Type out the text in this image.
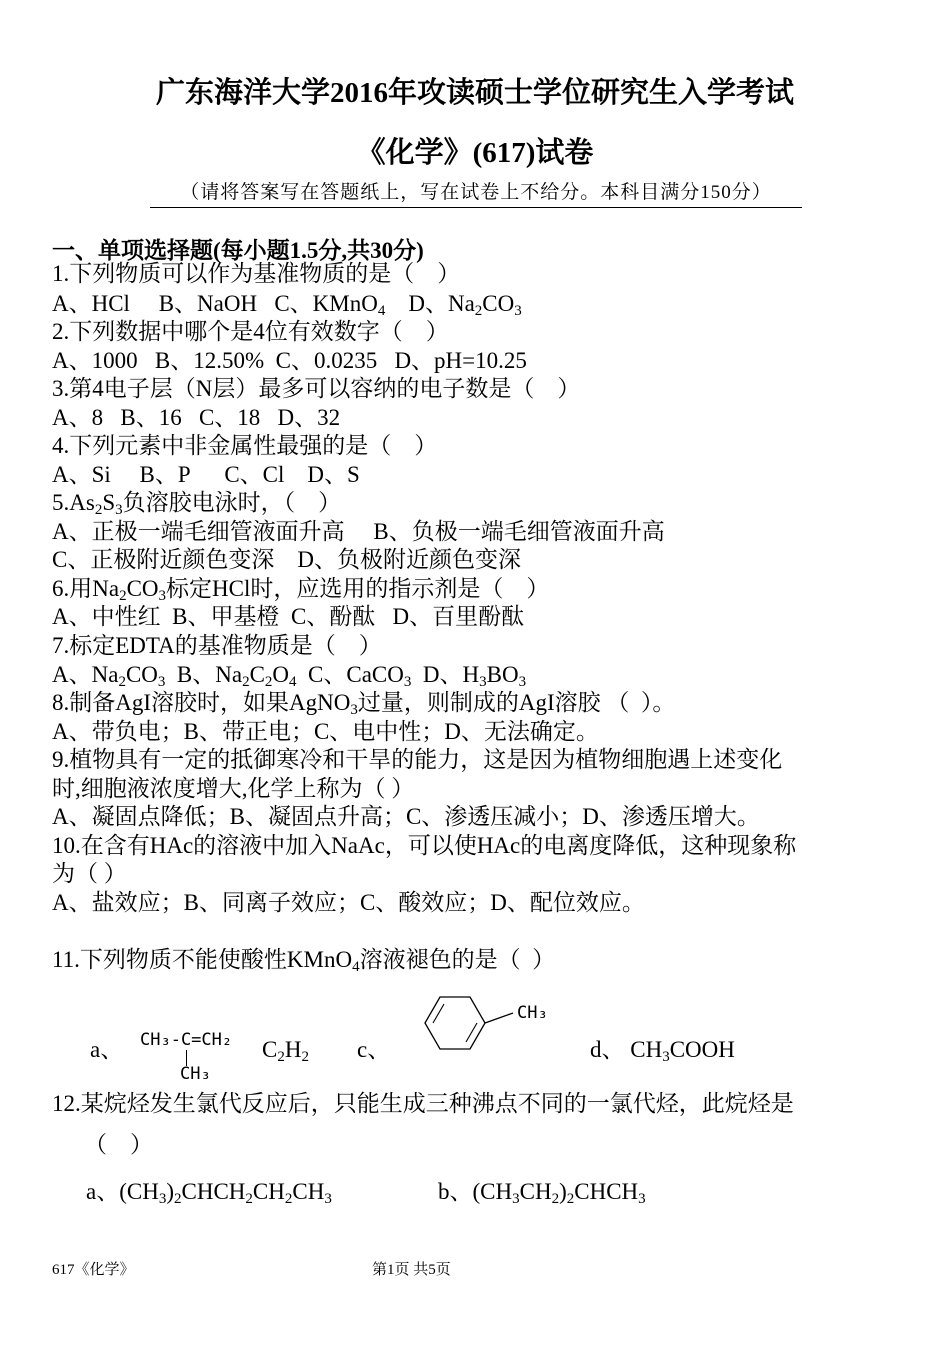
广东海洋大学2016年攻读硕士学位研究生入学考试
《化学》(617)试卷
（请将答案写在答题纸上，写在试卷上不给分。本科目满分150分）
一、单项选择题(每小题1.5分,共30分)
1.下列物质可以作为基准物质的是（    ）
A、HCl     B、NaOH   C、KMnO$_4$    D、$Na_2CO_3$
2.下列数据中哪个是4位有效数字（    ）
A、1000   B、12.50%  C、0.0235   D、pH=10.25
3.第4电子层（N层）最多可以容纳的电子数是（    ）
A、8   B、16   C、18   D、32
4.下列元素中非金属性最强的是（    ）
A、Si     B、P      C、Cl    D、S
$5.As_2S_3$负溶胶电泳时，（    ）
A、正极一端毛细管液面升高     B、负极一端毛细管液面升高
C、正极附近颜色变深    D、负极附近颜色变深
6.用$Na_2CO_3$标定HCl时，应选用的指示剂是（    ）
A、中性红  B、甲基橙  C、酚酞   D、百里酚酞
7.标定EDTA的基准物质是（    ）
A、$Na_2CO_3$  B、$Na_2C_2O_4$  C、CaCO$_3$  D、$H_3BO_3$
8.制备AgI溶胶时，如果AgNO$_3$过量，则制成的AgI溶胶 （  ）。
A、带负电；B、带正电；C、电中性；D、无法确定。
9.植物具有一定的抵御寒冷和干旱的能力，这是因为植物细胞遇上述变化
时,细胞液浓度增大,化学上称为（ ）
A、凝固点降低；B、凝固点升高；C、渗透压减小；D、渗透压增大。
10.在含有HAc的溶液中加入NaAc，可以使HAc的电离度降低，这种现象称
为（ ）
A、盐效应；B、同离子效应；C、酸效应；D、配位效应。
11.下列物质不能使酸性KMnO$_4$溶液褪色的是（  ）
a、 CH₃-C=CH₂
CH₃
$C_2H_2$ c、
CH₃
d、 $CH_3COOH$
12.某烷烃发生氯代反应后，只能生成三种沸点不同的一氯代烃，此烷烃是
（    ）
a、$(CH_3)_2CHCH_2CH_2CH_3$	b、$(CH_3CH_2)_2CHCH_3$
617《化学》	第1页 共5页
